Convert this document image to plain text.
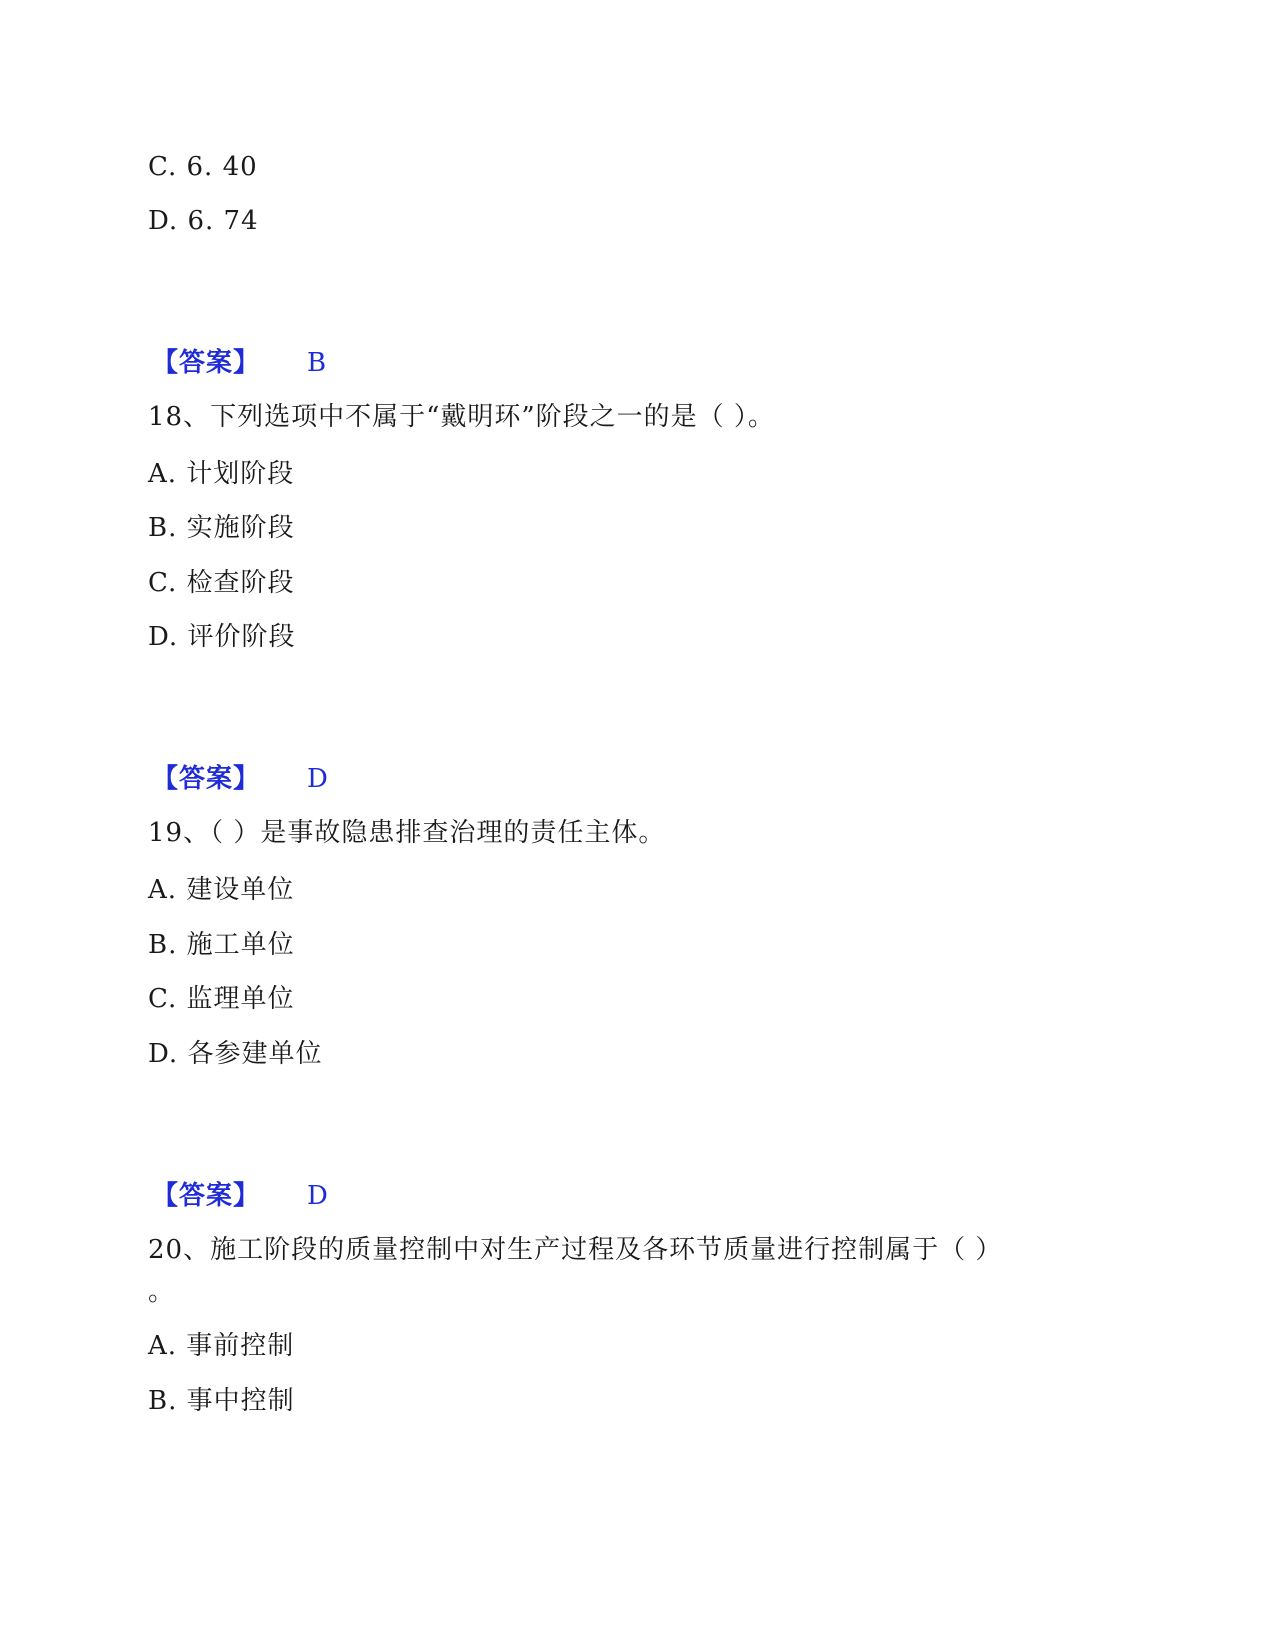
C. 6. 40
D. 6. 74
【答案】 B
18、下列选项中不属于“戴明环”阶段之一的是（ ）。
A. 计划阶段
B. 实施阶段
C. 检查阶段
D. 评价阶段
【答案】 D
19、（ ）是事故隐患排查治理的责任主体。
A. 建设单位
B. 施工单位
C. 监理单位
D. 各参建单位
【答案】 D
20、施工阶段的质量控制中对生产过程及各环节质量进行控制属于（ ）
。
A. 事前控制
B. 事中控制
